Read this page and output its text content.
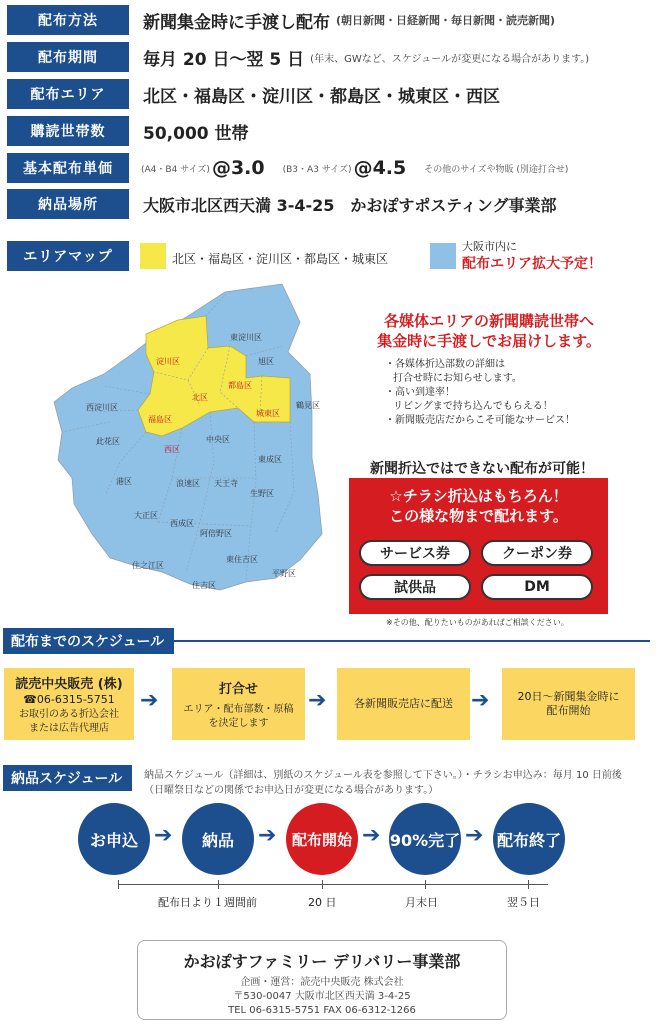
配布方法	新聞集金時に手渡し配布 (朝日新聞・日経新聞・毎日新聞・読売新聞)
配布期間	毎月 20 日〜翌 5 日 (年末、GWなど、スケジュールが変更になる場合があります。)
配布エリア	北区・福島区・淀川区・都島区・城東区・西区
購読世帯数	50,000 世帯
基本配布単価	(A4・B4 サイズ) @3.0 (B3・A3 サイズ) @4.5 その他のサイズや物販 (別途打合せ)
納品場所	大阪市北区西天満 3-4-25　かおぽすポスティング事業部
エリアマップ	北区・福島区・淀川区・都島区・城東区
大阪市内に
配布エリア拡大予定！
東淀川区
淀川区	旭区
北区
都島区
西淀川区	鶴見区
福島区
城東区
此花区
西区
中央区
東成区
港区	浪速区 天王寺
生野区
大正区
西成区
阿倍野区
東住吉区
住之江区
住吉区
平野区
各媒体エリアの新聞購読世帯へ
集金時に手渡しでお届けします。
・各媒体折込部数の詳細は
打合せ時にお知らせします。
・高い到達率！
リビングまで持ち込んでもらえる！
・新聞販売店だからこそ可能なサービス！
新聞折込ではできない配布が可能！
☆チラシ折込はもちろん！
この様な物まで配れます。
サービス券	クーポン券
試供品	DM
※その他、配りたいものがあればご相談ください。
配布までのスケジュール
読売中央販売 (株)
☎06-6315-5751
お取引のある折込会社
または広告代理店
➔	打合せ
エリア・配布部数・原稿
を決定します
➔	各新聞販売店に配送 ➔	20日〜新聞集金時に
配布開始
納品スケジュール	納品スケジュール（詳細は、別紙のスケジュール表を参照して下さい。）・チラシお申込み：毎月 10 日前後
（日曜祭日などの関係でお申込日が変更になる場合があります。）
お申込 ➔	納品	➔	配布開始 ➔ 90%完了 ➔ 配布終了
配布日より１週間前	20 日	月末日	翌５日
かおぽすファミリー デリバリー事業部
企画・運営：読売中央販売 株式会社
〒530-0047 大阪市北区西天満 3-4-25
TEL 06-6315-5751 FAX 06-6312-1266
